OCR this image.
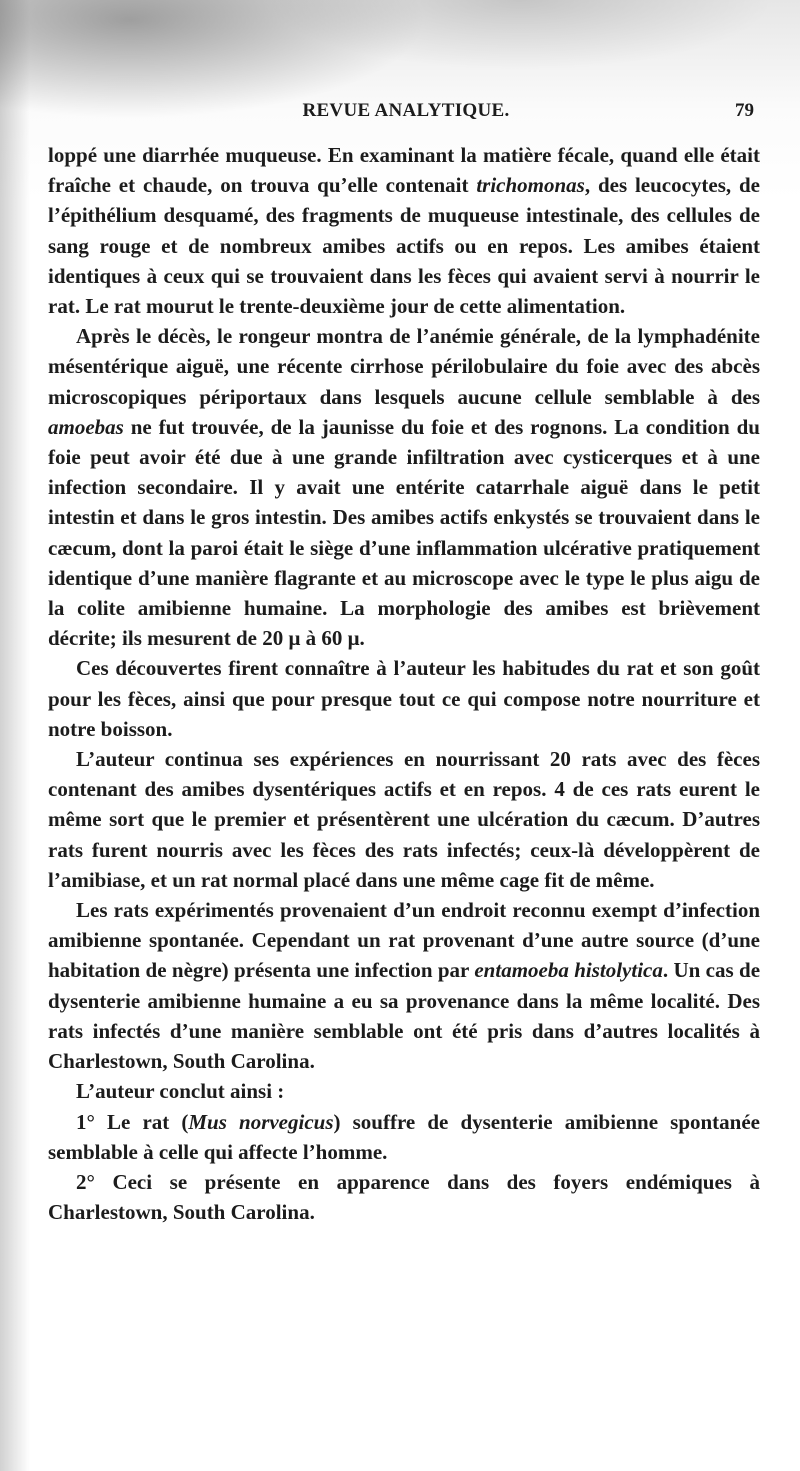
REVUE ANALYTIQUE.	79

loppé une diarrhée muqueuse. En examinant la matière fécale, quand elle était fraîche et chaude, on trouva qu’elle contenait trichomonas, des leucocytes, de l’épithélium desquamé, des fragments de muqueuse intestinale, des cellules de sang rouge et de nombreux amibes actifs ou en repos. Les amibes étaient identiques à ceux qui se trouvaient dans les fèces qui avaient servi à nourrir le rat. Le rat mourut le trente-deuxième jour de cette alimentation.

Après le décès, le rongeur montra de l’anémie générale, de la lymphadénite mésentérique aiguë, une récente cirrhose périlobulaire du foie avec des abcès microscopiques périportaux dans lesquels aucune cellule semblable à des amoebas ne fut trouvée, de la jaunisse du foie et des rognons. La condition du foie peut avoir été due à une grande infiltration avec cysticerques et à une infection secondaire. Il y avait une entérite catarrhale aiguë dans le petit intestin et dans le gros intestin. Des amibes actifs enkystés se trouvaient dans le cæcum, dont la paroi était le siège d’une inflammation ulcérative pratiquement identique d’une manière flagrante et au microscope avec le type le plus aigu de la colite amibienne humaine. La morphologie des amibes est brièvement décrite; ils mesurent de 20 μ à 60 μ.

Ces découvertes firent connaître à l’auteur les habitudes du rat et son goût pour les fèces, ainsi que pour presque tout ce qui compose notre nourriture et notre boisson.

L’auteur continua ses expériences en nourrissant 20 rats avec des fèces contenant des amibes dysentériques actifs et en repos. 4 de ces rats eurent le même sort que le premier et présentèrent une ulcération du cæcum. D’autres rats furent nourris avec les fèces des rats infectés; ceux-là développèrent de l’amibiase, et un rat normal placé dans une même cage fit de même.

Les rats expérimentés provenaient d’un endroit reconnu exempt d’infection amibienne spontanée. Cependant un rat provenant d’une autre source (d’une habitation de nègre) présenta une infection par entamoeba histolytica. Un cas de dysenterie amibienne humaine a eu sa provenance dans la même localité. Des rats infectés d’une manière semblable ont été pris dans d’autres localités à Charlestown, South Carolina.

L’auteur conclut ainsi :

1° Le rat (Mus norvegicus) souffre de dysenterie amibienne spontanée semblable à celle qui affecte l’homme.

2° Ceci se présente en apparence dans des foyers endémiques à Charlestown, South Carolina.
